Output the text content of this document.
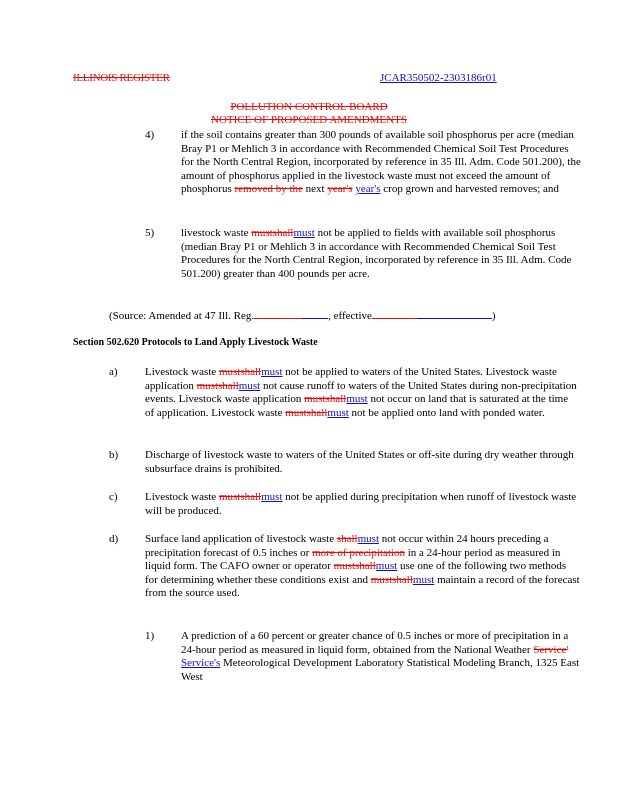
ILLINOIS REGISTER	JCAR350502-2303186r01
POLLUTION CONTROL BOARD
NOTICE OF PROPOSED AMENDMENTS
4)	if the soil contains greater than 300 pounds of available soil phosphorus per acre (median Bray P1 or Mehlich 3 in accordance with Recommended Chemical Soil Test Procedures for the North Central Region, incorporated by reference in 35 Ill. Adm. Code 501.200), the amount of phosphorus applied in the livestock waste must not exceed the amount of phosphorus removed by the next year's year's crop grown and harvested removes; and
5)	livestock waste mustshallmust not be applied to fields with available soil phosphorus (median Bray P1 or Mehlich 3 in accordance with Recommended Chemical Soil Test Procedures for the North Central Region, incorporated by reference in 35 Ill. Adm. Code 501.200) greater than 400 pounds per acre.
(Source: Amended at 47 Ill. Reg.	, effective	)
Section 502.620 Protocols to Land Apply Livestock Waste
a)	Livestock waste mustshallmust not be applied to waters of the United States. Livestock waste application mustshallmust not cause runoff to waters of the United States during non-precipitation events. Livestock waste application mustshallmust not occur on land that is saturated at the time of application. Livestock waste mustshallmust not be applied onto land with ponded water.
b)	Discharge of livestock waste to waters of the United States or off-site during dry weather through subsurface drains is prohibited.
c)	Livestock waste mustshallmust not be applied during precipitation when runoff of livestock waste will be produced.
d)	Surface land application of livestock waste shallmust not occur within 24 hours preceding a precipitation forecast of 0.5 inches or more of precipitation in a 24-hour period as measured in liquid form. The CAFO owner or operator mustshallmust use one of the following two methods for determining whether these conditions exist and mustshallmust maintain a record of the forecast from the source used.
1)	A prediction of a 60 percent or greater chance of 0.5 inches or more of precipitation in a 24-hour period as measured in liquid form, obtained from the National Weather Service' Service's Meteorological Development Laboratory Statistical Modeling Branch, 1325 East West
